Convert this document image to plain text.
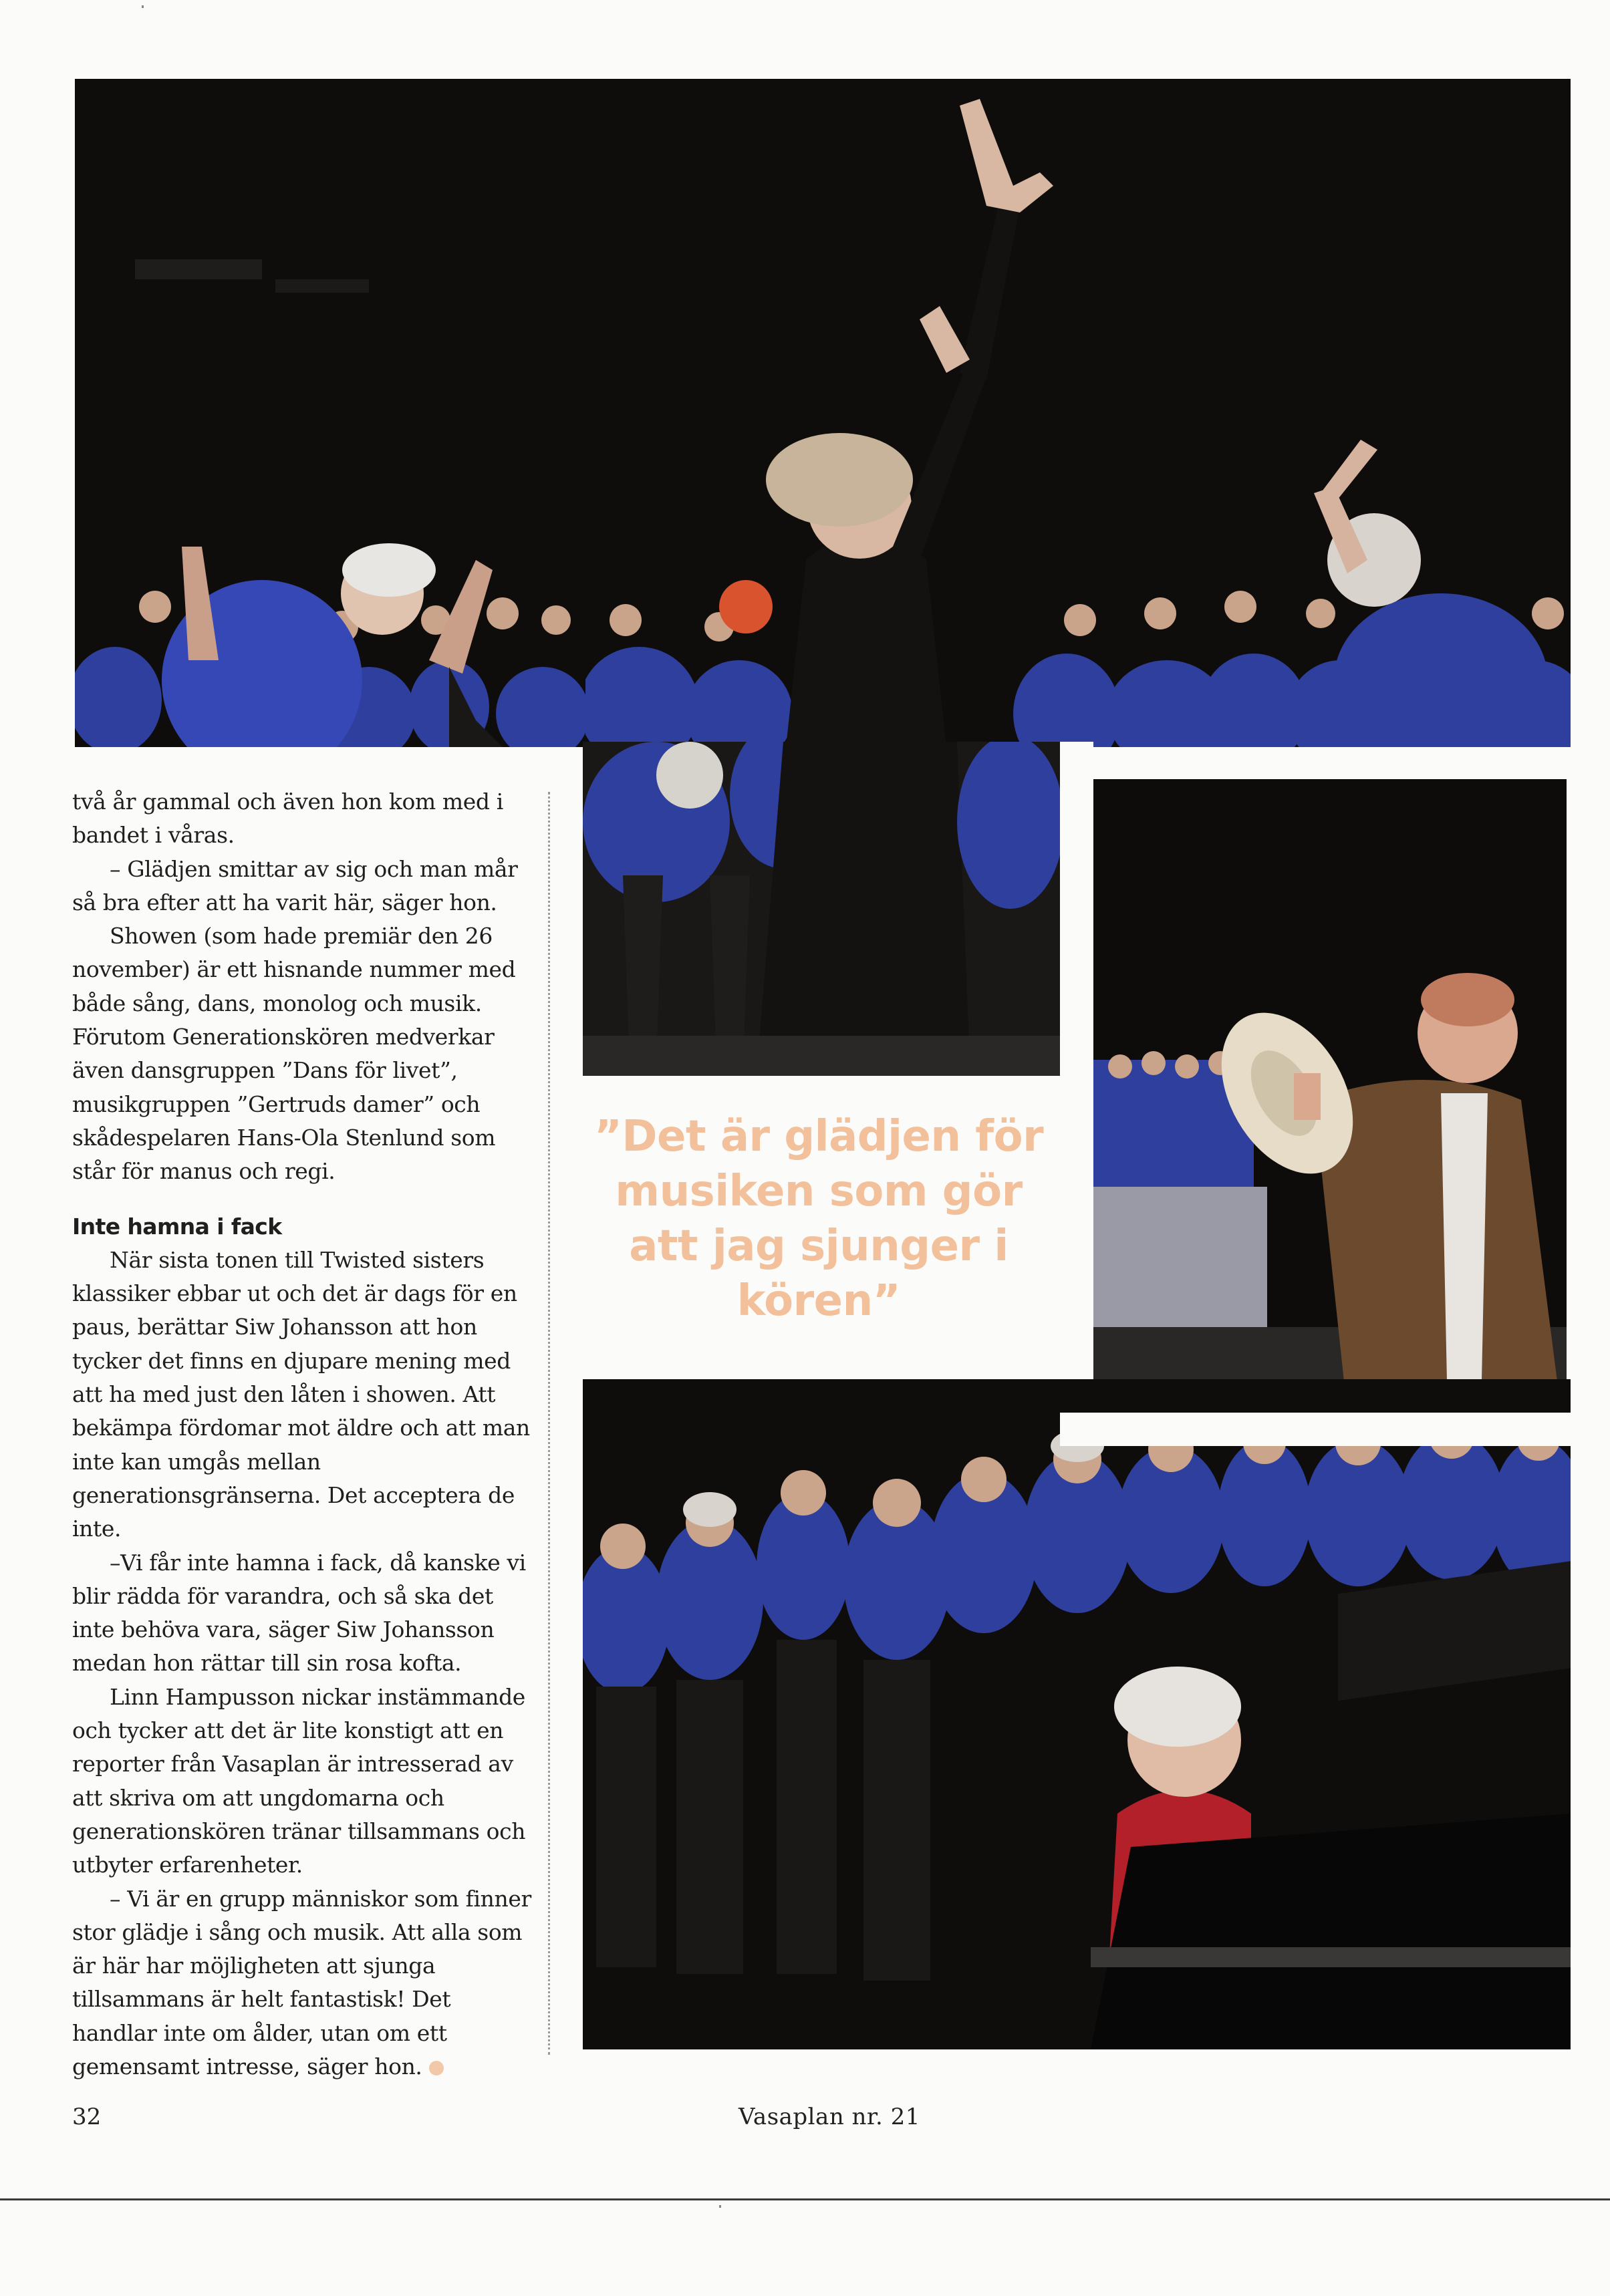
”Det är glädjen för musiken som gör att jag sjunger i kören”

två år gammal och även hon kom med i bandet i våras.

– Glädjen smittar av sig och man mår så bra efter att ha varit här, säger hon.

Showen (som hade premiär den 26 november) är ett hisnande nummer med både sång, dans, monolog och musik. Förutom Generationskören medverkar även dansgruppen ”Dans för livet”, musikgruppen ”Gertruds damer” och skådespelaren Hans-Ola Stenlund som står för manus och regi.

Inte hamna i fack

När sista tonen till Twisted sisters klassiker ebbar ut och det är dags för en paus, berättar Siw Johansson att hon tycker det finns en djupare mening med att ha med just den låten i showen. Att bekämpa fördomar mot äldre och att man inte kan umgås mellan generationsgränserna. Det acceptera de inte.

–Vi får inte hamna i fack, då kanske vi blir rädda för varandra, och så ska det inte behöva vara, säger Siw Johansson medan hon rättar till sin rosa kofta.

Linn Hampusson nickar instämmande och tycker att det är lite konstigt att en reporter från Vasaplan är intresserad av att skriva om att ungdomarna och generationskören tränar tillsammans och utbyter erfarenheter.

– Vi är en grupp människor som finner stor glädje i sång och musik. Att alla som är här har möjligheten att sjunga tillsammans är helt fantastisk! Det handlar inte om ålder, utan om ett gemensamt intresse, säger hon.

32	Vasaplan nr. 21
